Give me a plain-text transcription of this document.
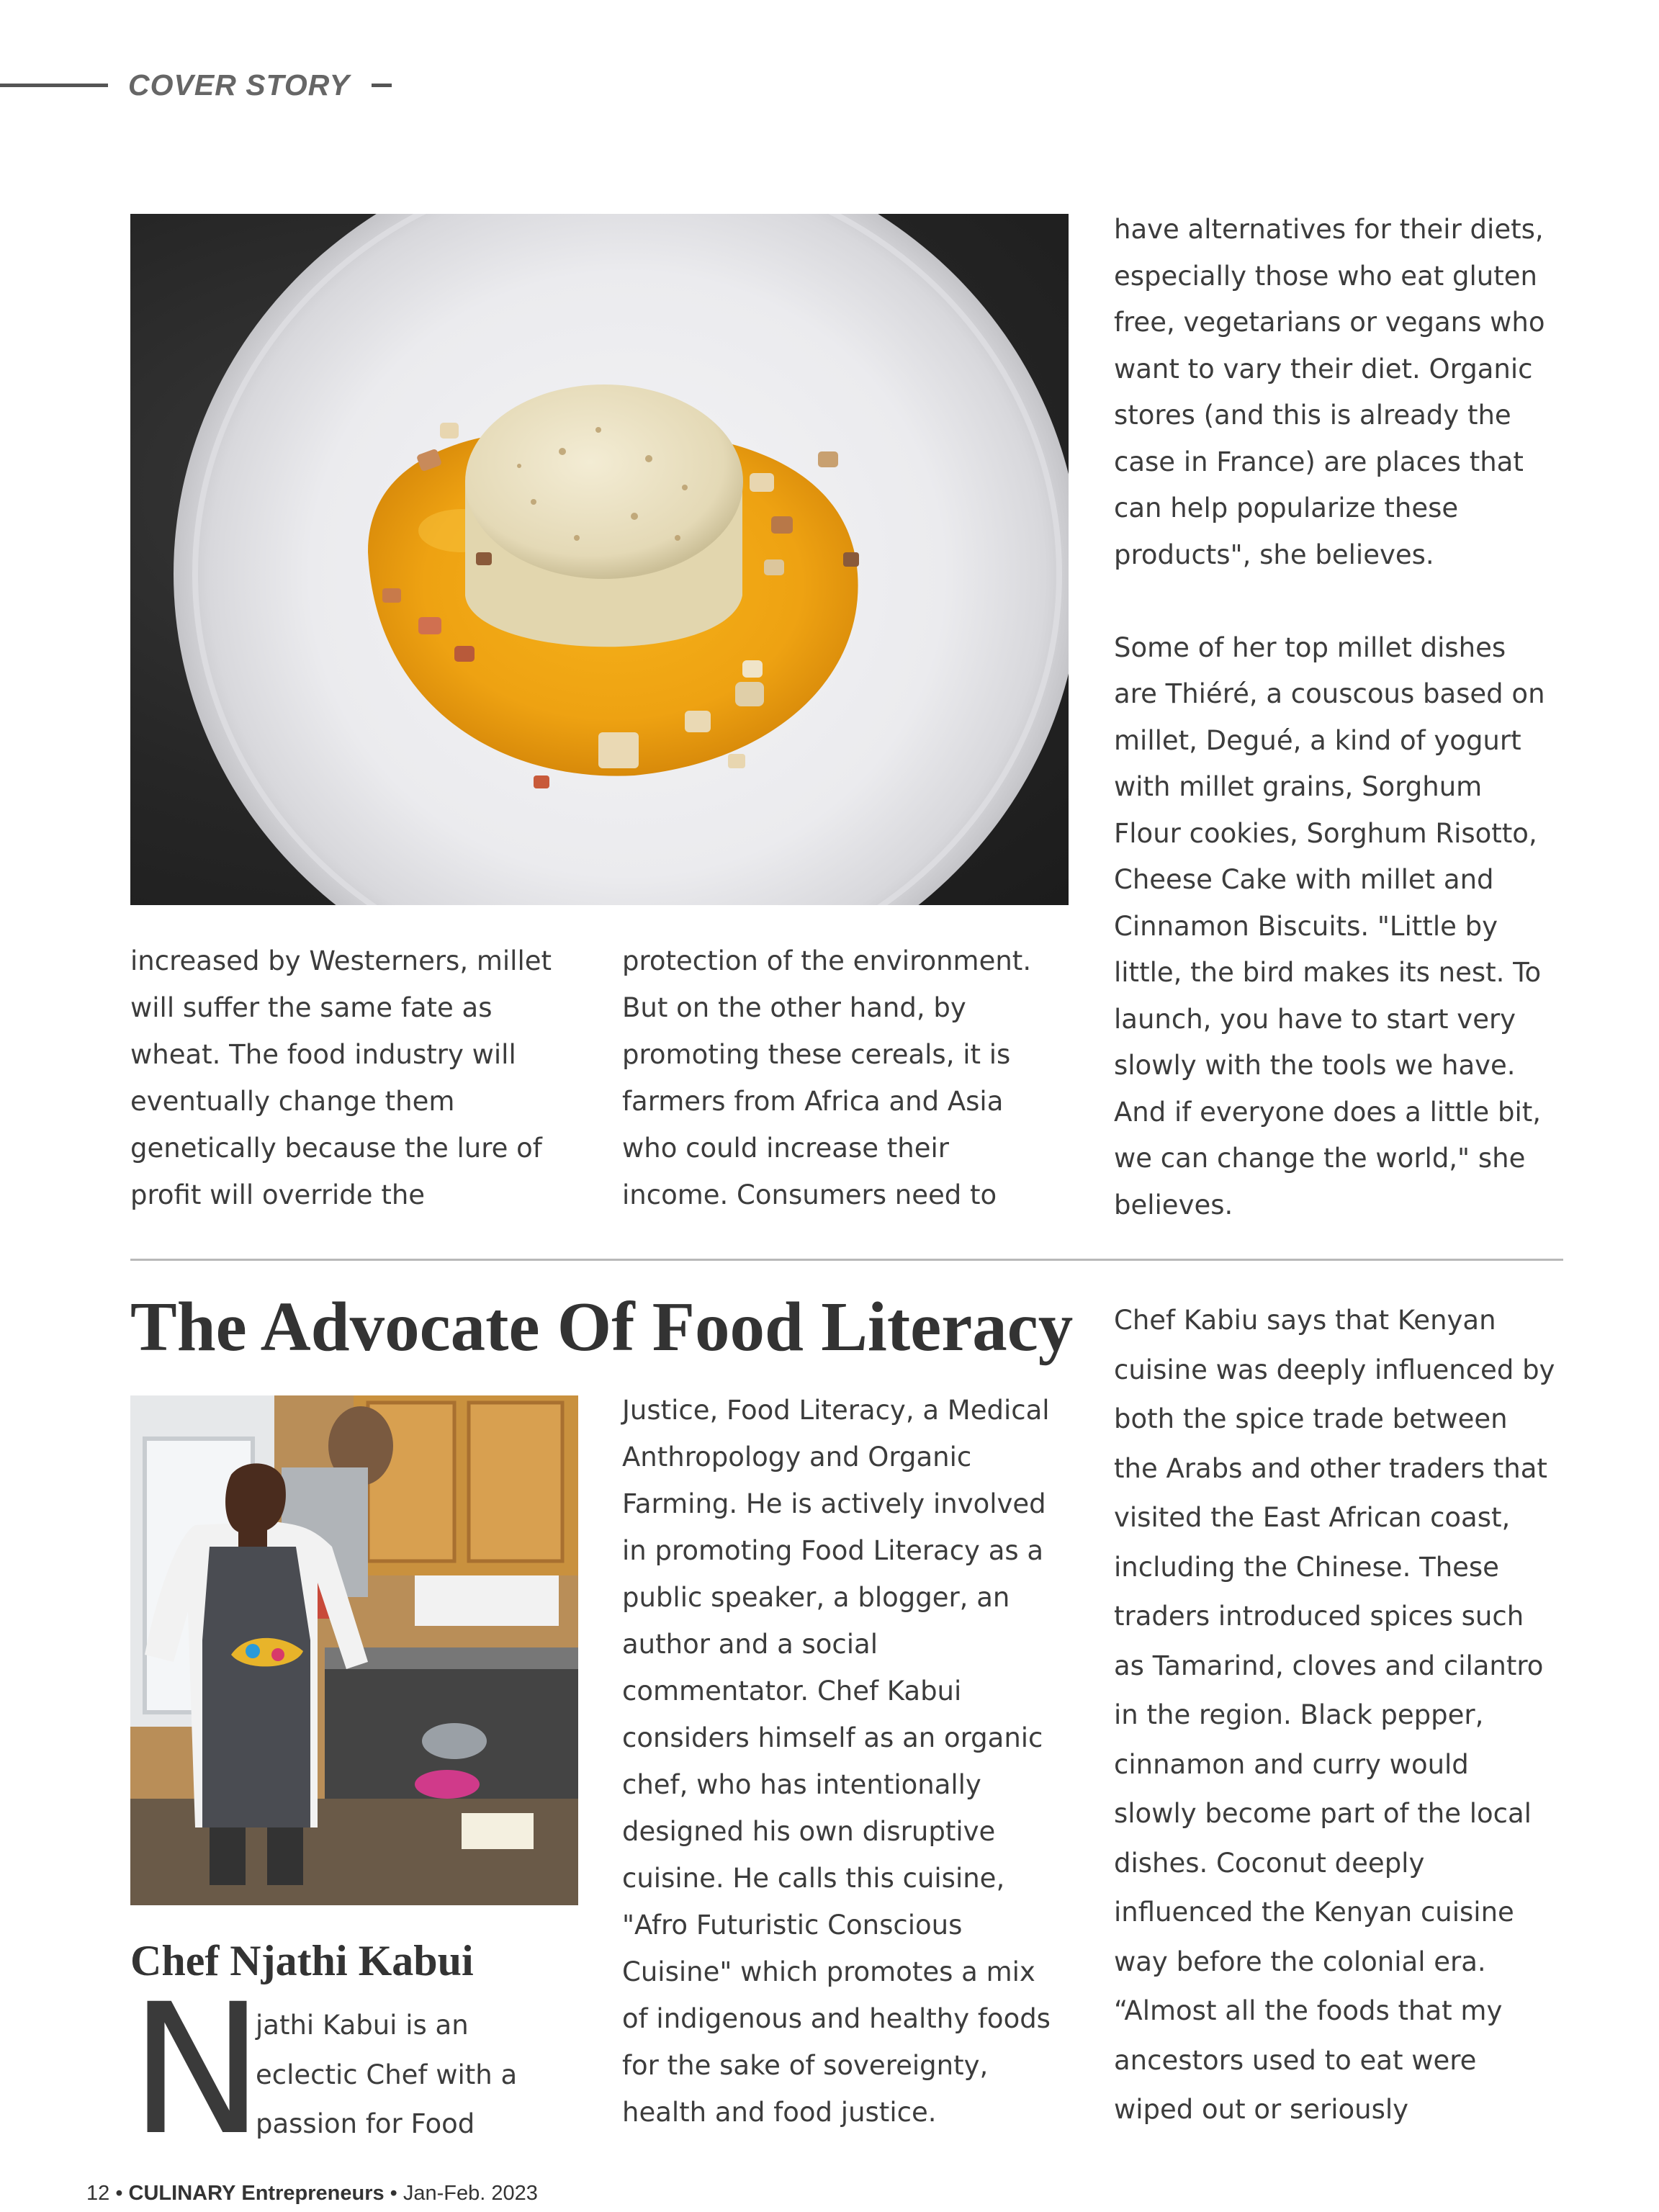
COVER STORY
increased by Westerners, millet
will suffer the same fate as
wheat. The food industry will
eventually change them
genetically because the lure of
profit will override the
protection of the environment.
But on the other hand, by
promoting these cereals, it is
farmers from Africa and Asia
who could increase their
income. Consumers need to
have alternatives for their diets,
especially those who eat gluten
free, vegetarians or vegans who
want to vary their diet. Organic
stores (and this is already the
case in France) are places that
can help popularize these
products", she believes.

Some of her top millet dishes
are Thiéré, a couscous based on
millet, Degué, a kind of yogurt
with millet grains, Sorghum
Flour cookies, Sorghum Risotto,
Cheese Cake with millet and
Cinnamon Biscuits. "Little by
little, the bird makes its nest. To
launch, you have to start very
slowly with the tools we have.
And if everyone does a little bit,
we can change the world," she
believes.
The Advocate Of Food Literacy
Chef Njathi Kabui
N
jathi Kabui is an
eclectic Chef with a
passion for Food
Justice, Food Literacy, a Medical
Anthropology and Organic
Farming. He is actively involved
in promoting Food Literacy as a
public speaker, a blogger, an
author and a social
commentator. Chef Kabui
considers himself as an organic
chef, who has intentionally
designed his own disruptive
cuisine. He calls this cuisine,
"Afro Futuristic Conscious
Cuisine" which promotes a mix
of indigenous and healthy foods
for the sake of sovereignty,
health and food justice.
Chef Kabiu says that Kenyan
cuisine was deeply influenced by
both the spice trade between
the Arabs and other traders that
visited the East African coast,
including the Chinese. These
traders introduced spices such
as Tamarind, cloves and cilantro
in the region. Black pepper,
cinnamon and curry would
slowly become part of the local
dishes. Coconut deeply
influenced the Kenyan cuisine
way before the colonial era.
“Almost all the foods that my
ancestors used to eat were
wiped out or seriously
12 • CULINARY Entrepreneurs • Jan-Feb. 2023
